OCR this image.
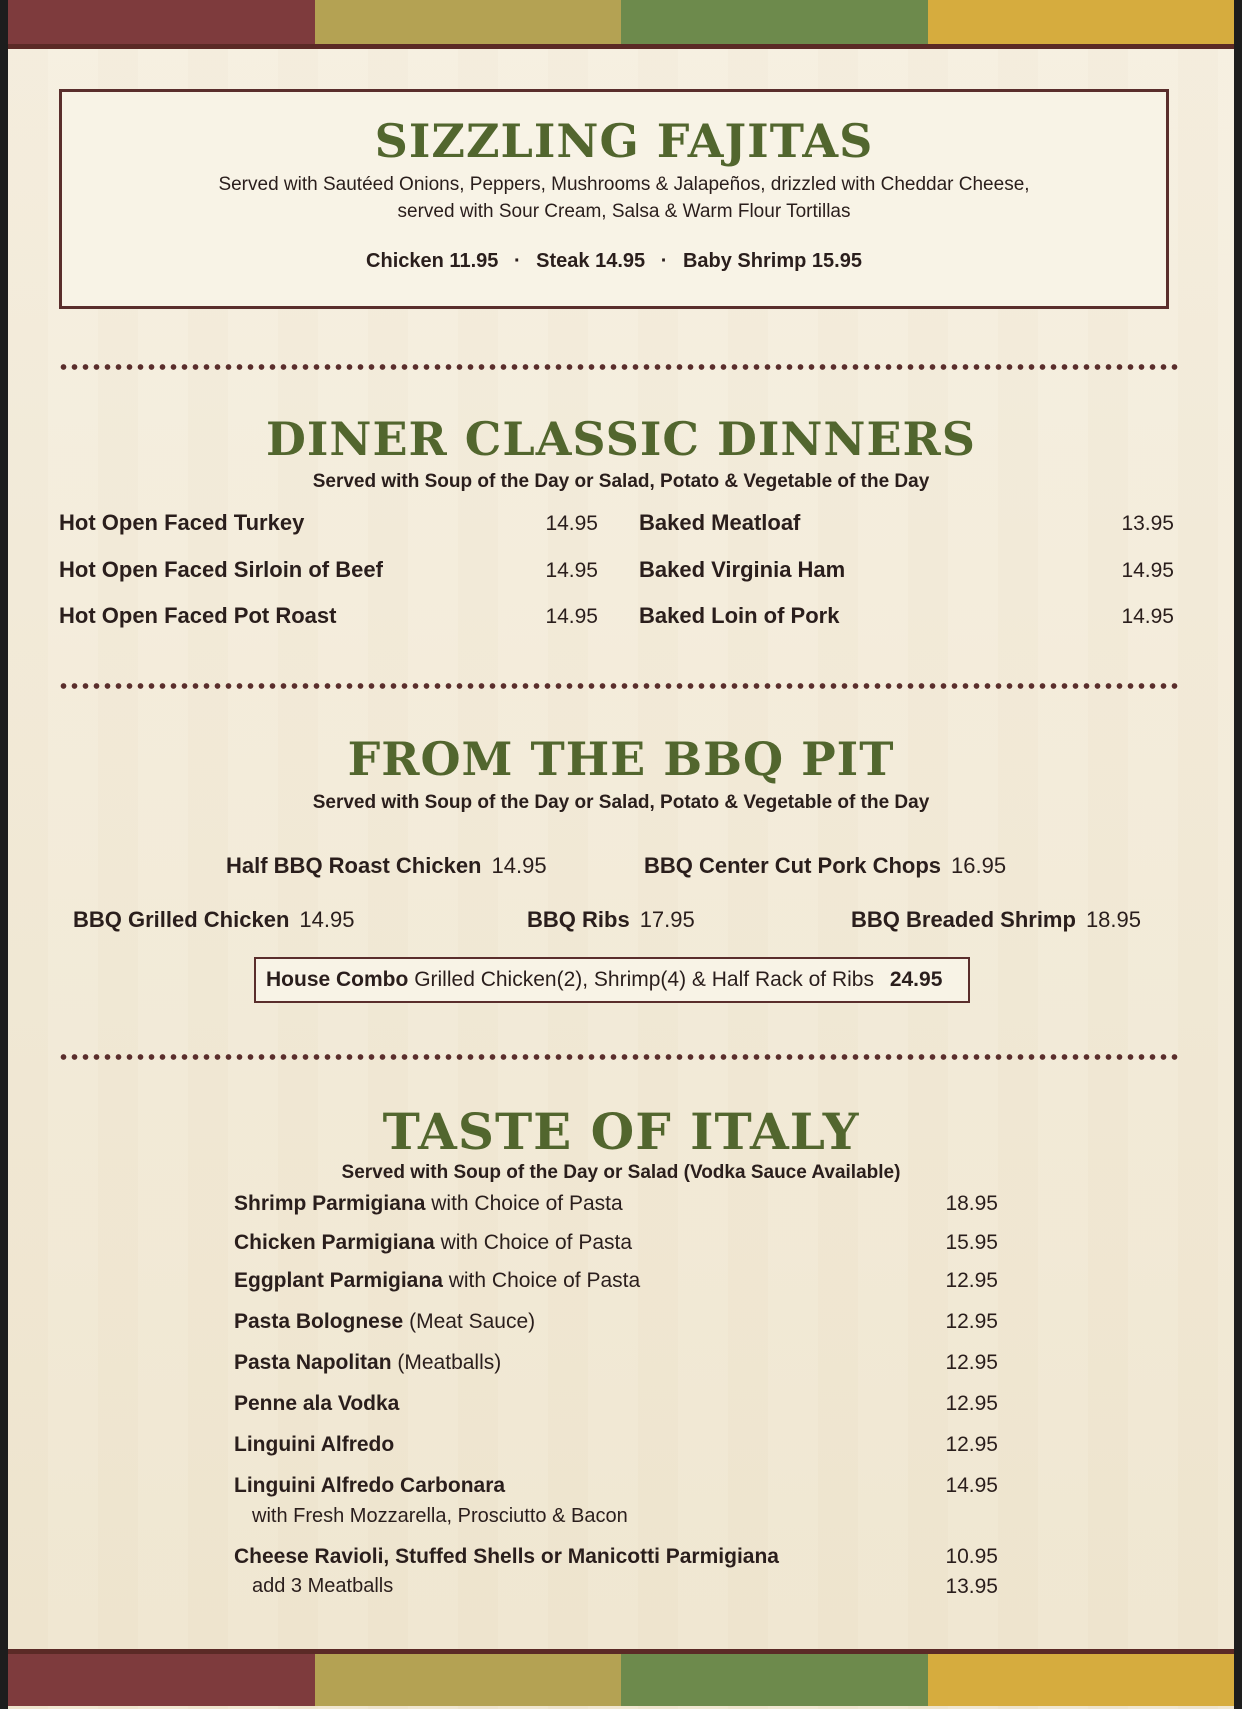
SIZZLING FAJITAS

Served with Sautéed Onions, Peppers, Mushrooms & Jalapeños, drizzled with Cheddar Cheese,

served with Sour Cream, Salsa & Warm Flour Tortillas

Chicken 11.95 · Steak 14.95 · Baby Shrimp 15.95
DINER CLASSIC DINNERS

Served with Soup of the Day or Salad, Potato & Vegetable of the Day

Hot Open Faced Turkey	14.95
Hot Open Faced Sirloin of Beef	14.95
Hot Open Faced Pot Roast	14.95
Baked Meatloaf	13.95
Baked Virginia Ham	14.95
Baked Loin of Pork	14.95
FROM THE BBQ PIT

Served with Soup of the Day or Salad, Potato & Vegetable of the Day

Half BBQ Roast Chicken 14.95	BBQ Center Cut Pork Chops 16.95
BBQ Grilled Chicken 14.95	BBQ Ribs 17.95	BBQ Breaded Shrimp 18.95
House Combo Grilled Chicken(2), Shrimp(4) & Half Rack of Ribs 24.95
TASTE OF ITALY

Served with Soup of the Day or Salad (Vodka Sauce Available)

Shrimp Parmigiana with Choice of Pasta	18.95
Chicken Parmigiana with Choice of Pasta	15.95
Eggplant Parmigiana with Choice of Pasta	12.95
Pasta Bolognese (Meat Sauce)	12.95
Pasta Napolitan (Meatballs)	12.95
Penne ala Vodka	12.95
Linguini Alfredo	12.95
Linguini Alfredo Carbonara	14.95
with Fresh Mozzarella, Prosciutto & Bacon
Cheese Ravioli, Stuffed Shells or Manicotti Parmigiana	10.95
add 3 Meatballs	13.95
